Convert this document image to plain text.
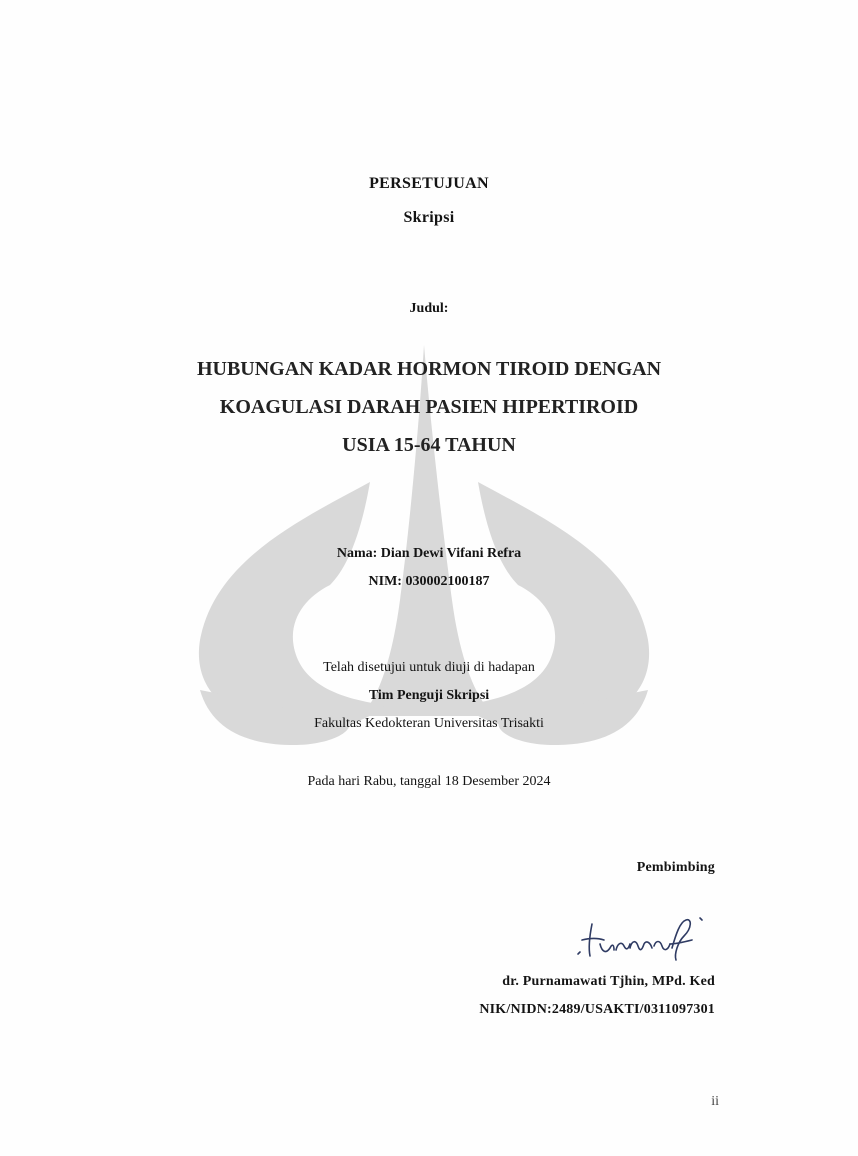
PERSETUJUAN
Skripsi
Judul:
HUBUNGAN KADAR HORMON TIROID DENGAN
KOAGULASI DARAH PASIEN HIPERTIROID
USIA 15-64 TAHUN
Nama: Dian Dewi Vifani Refra
NIM: 030002100187
Telah disetujui untuk diuji di hadapan
Tim Penguji Skripsi
Fakultas Kedokteran Universitas Trisakti
Pada hari Rabu, tanggal 18 Desember 2024
Pembimbing
dr. Purnamawati Tjhin, MPd. Ked
NIK/NIDN:2489/USAKTI/0311097301
ii
